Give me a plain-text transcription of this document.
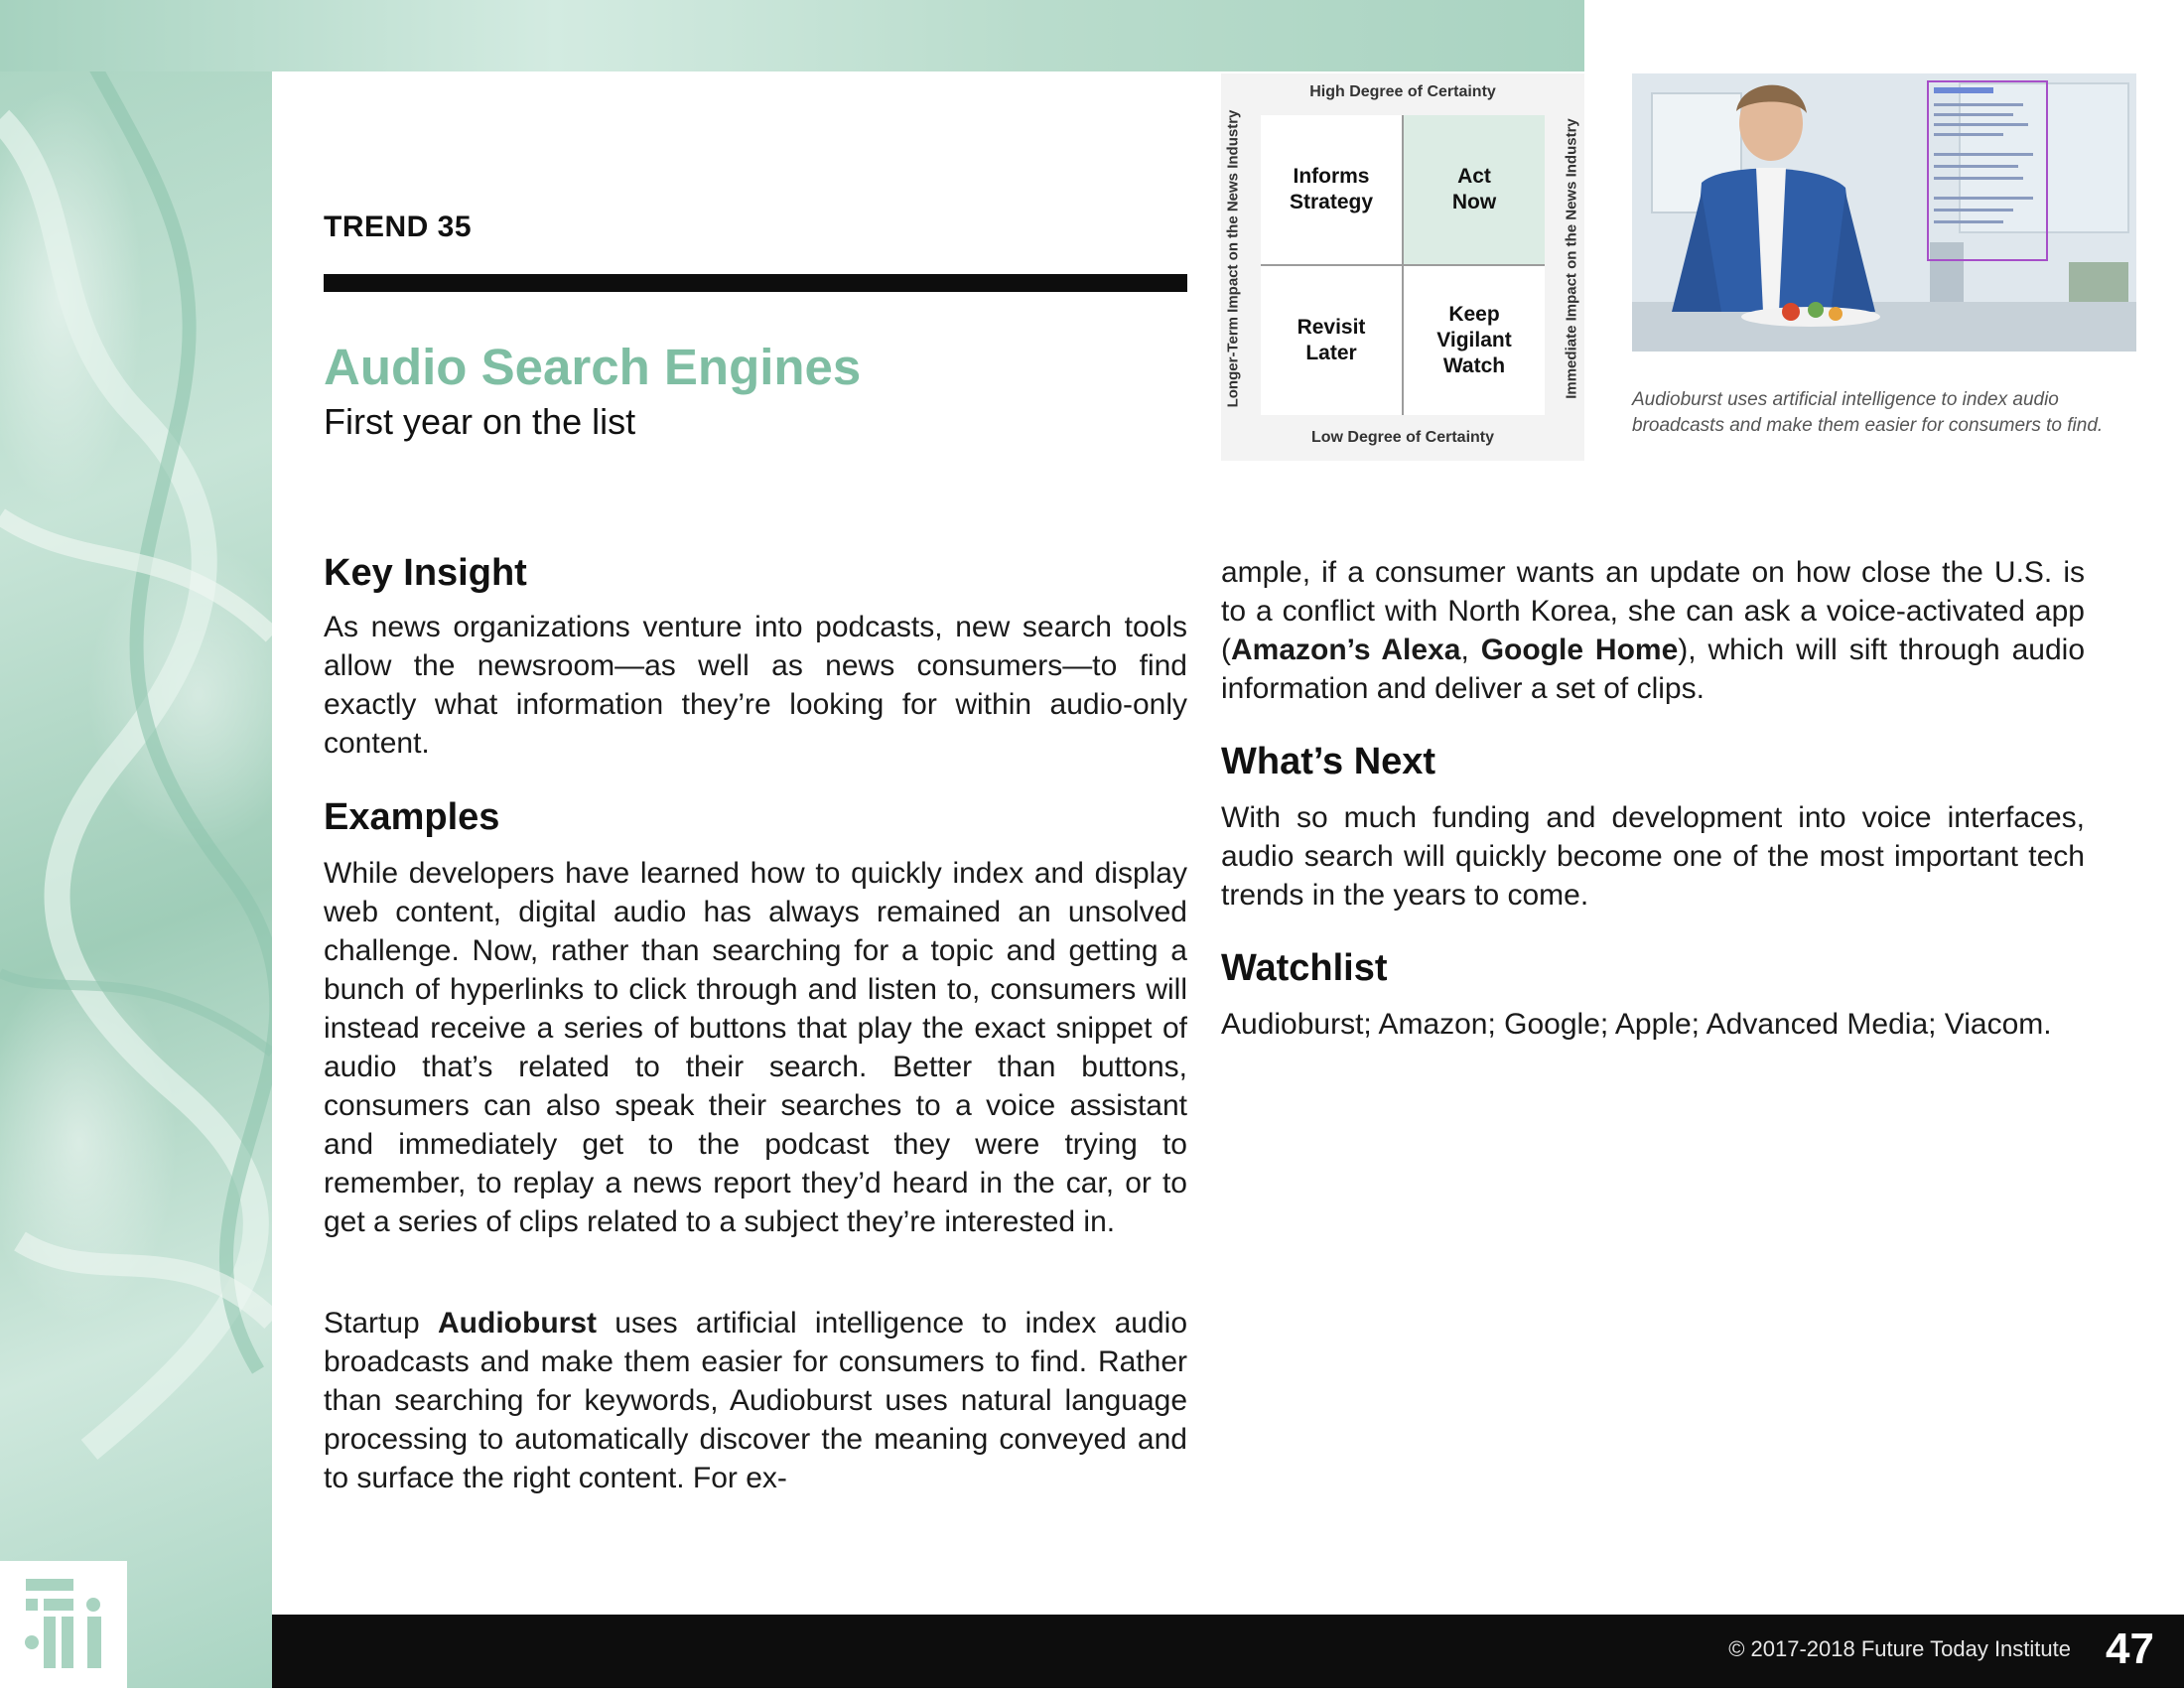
TREND 35
Audio Search Engines
First year on the list
High Degree of Certainty
Longer-Term Impact on the News Industry	Immediate Impact on the News Industry
Informs Strategy
Act Now
Revisit Later
Keep Vigilant Watch
Low Degree of Certainty
Audioburst uses artificial intelligence to index audio broadcasts and make them easier for consumers to find.
Key Insight

As news organizations venture into podcasts, new search tools allow the newsroom—as well as news consumers—to find exactly what information they’re looking for within audio-only content.

Examples

While developers have learned how to quickly index and display web content, digital audio has always remained an unsolved challenge. Now, rather than searching for a topic and getting a bunch of hyperlinks to click through and listen to, consumers will instead receive a series of buttons that play the exact snippet of audio that’s related to their search. Better than buttons, consumers can also speak their searches to a voice assistant and immediately get to the podcast they were trying to remember, to replay a news report they’d heard in the car, or to get a series of clips related to a subject they’re interested in.

Startup Audioburst uses artificial intelligence to index audio broadcasts and make them easier for consumers to find. Rather than searching for keywords, Audioburst uses natural language processing to automatically discover the meaning conveyed and to surface the right content. For ex-

ample, if a consumer wants an update on how close the U.S. is to a conflict with North Korea, she can ask a voice-activated app (Amazon’s Alexa, Google Home), which will sift through audio information and deliver a set of clips.

What’s Next

With so much funding and development into voice interfaces, audio search will quickly become one of the most important tech trends in the years to come.

Watchlist

Audioburst; Amazon; Google; Apple; Advanced Media; Viacom.

© 2017-2018 Future Today Institute 47
